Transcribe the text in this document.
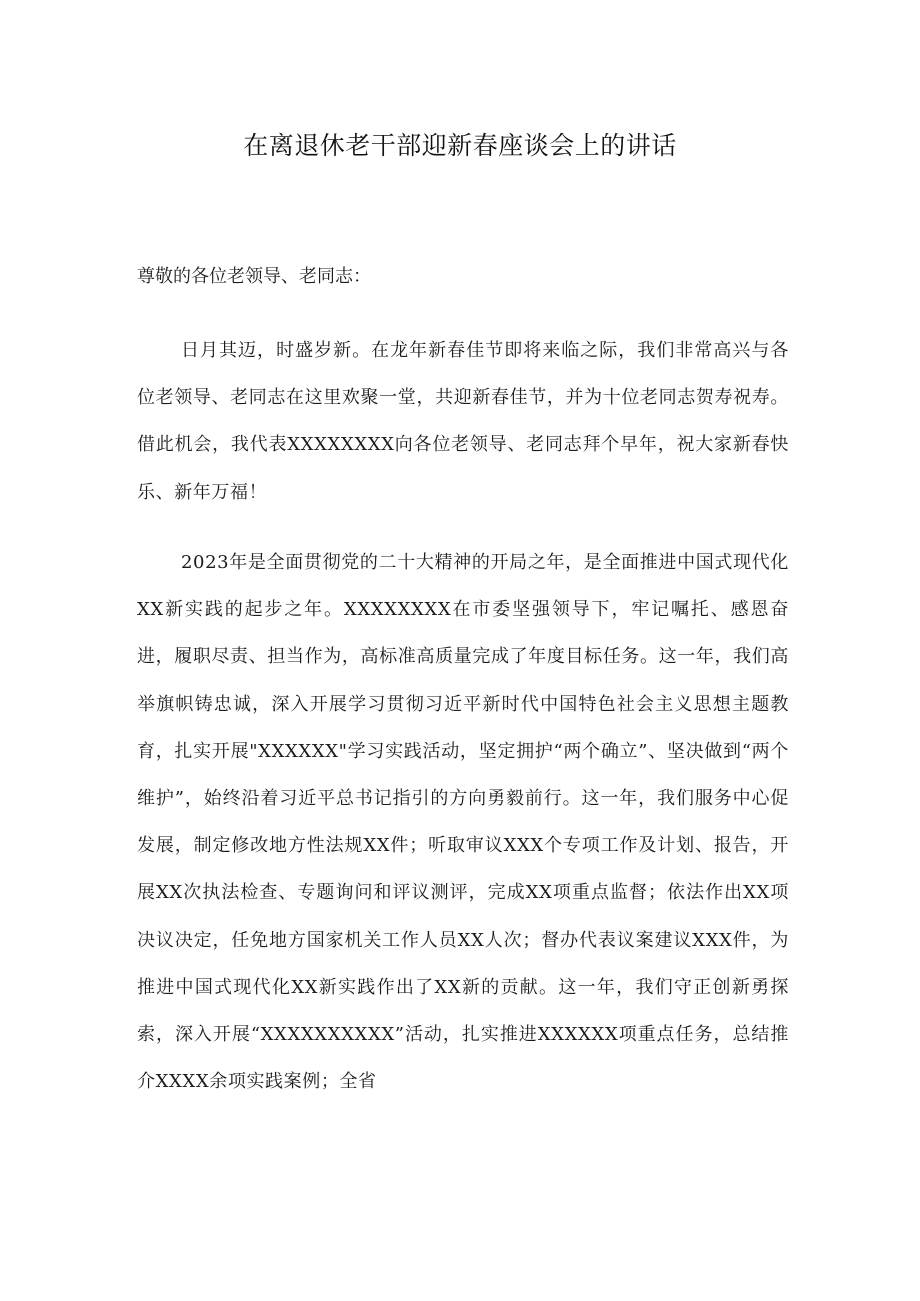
在离退休老干部迎新春座谈会上的讲话

尊敬的各位老领导、老同志：

日月其迈，时盛岁新。在龙年新春佳节即将来临之际，我们非常高兴与各位老领导、老同志在这里欢聚一堂，共迎新春佳节，并为十位老同志贺寿祝寿。借此机会，我代表XXXXXXXX向各位老领导、老同志拜个早年，祝大家新春快乐、新年万福！

2023年是全面贯彻党的二十大精神的开局之年，是全面推进中国式现代化XX新实践的起步之年。XXXXXXXX在市委坚强领导下，牢记嘱托、感恩奋进，履职尽责、担当作为，高标准高质量完成了年度目标任务。这一年，我们高举旗帜铸忠诚，深入开展学习贯彻习近平新时代中国特色社会主义思想主题教育，扎实开展"XXXXXX"学习实践活动，坚定拥护“两个确立”、坚决做到“两个维护”，始终沿着习近平总书记指引的方向勇毅前行。这一年，我们服务中心促发展，制定修改地方性法规XX件；听取审议XXX个专项工作及计划、报告，开展XX次执法检查、专题询问和评议测评，完成XX项重点监督；依法作出XX项决议决定，任免地方国家机关工作人员XX人次；督办代表议案建议XXX件，为推进中国式现代化XX新实践作出了XX新的贡献。这一年，我们守正创新勇探索，深入开展“XXXXXXXXXX”活动，扎实推进XXXXXX项重点任务，总结推介XXXX余项实践案例；全省
